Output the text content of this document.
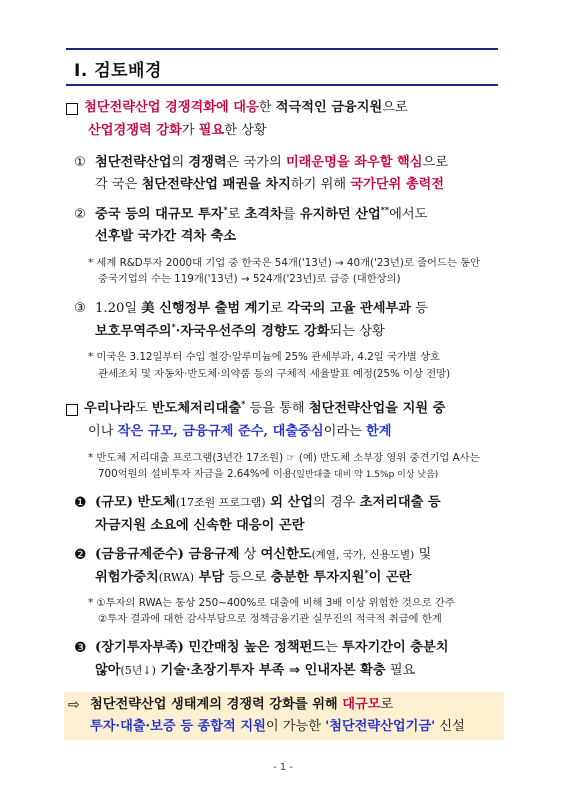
Ⅰ. 검토배경
첨단전략산업 경쟁격화에 대응한 적극적인 금융지원으로
산업경쟁력 강화가 필요한 상황
① 첨단전략산업의 경쟁력은 국가의 미래운명을 좌우할 핵심으로
각 국은 첨단전략산업 패권을 차지하기 위해 국가단위 총력전
② 중국 등의 대규모 투자*로 초격차를 유지하던 산업**에서도
선후발 국가간 격차 축소
* 세계 R&D투자 2000대 기업 중 한국은 54개('13년) → 40개('23년)로 줄어드는 동안
중국기업의 수는 119개('13년) → 524개('23년)로 급증 (대한상의)
③ 1.20일 美 신행정부 출범 계기로 각국의 고율 관세부과 등
보호무역주의*·자국우선주의 경향도 강화되는 상황
* 미국은 3.12일부터 수입 철강·알루미늄에 25% 관세부과, 4.2일 국가별 상호
관세조치 및 자동차·반도체·의약품 등의 구체적 세율발표 예정(25% 이상 전망)
우리나라도 반도체저리대출* 등을 통해 첨단전략산업을 지원 중
이나 작은 규모, 금융규제 준수, 대출중심이라는 한계
* 반도체 저리대출 프로그램(3년간 17조원) ☞ (예) 반도체 소부장 영위 중견기업 A사는
700억원의 설비투자 자금을 2.64%에 이용(일반대출 대비 약 1.5%p 이상 낮음)
❶ (규모) 반도체(17조원 프로그램) 외 산업의 경우 초저리대출 등
자금지원 소요에 신속한 대응이 곤란
❷ (금융규제준수) 금융규제 상 여신한도(계열, 국가, 신용도별) 및
위험가중치(RWA) 부담 등으로 충분한 투자지원*이 곤란
* ①투자의 RWA는 통상 250~400%로 대출에 비해 3배 이상 위험한 것으로 간주
②투자 결과에 대한 감사부담으로 정책금융기관 실무진의 적극적 취급에 한계
❸ (장기투자부족) 민간매칭 높은 정책펀드는 투자기간이 충분치
않아(5년↓) 기술·초장기투자 부족 ⇒ 인내자본 확충 필요
⇨ 첨단전략산업 생태계의 경쟁력 강화를 위해 대규모로
투자·대출·보증 등 종합적 지원이 가능한 '첨단전략산업기금' 신설
- 1 -
